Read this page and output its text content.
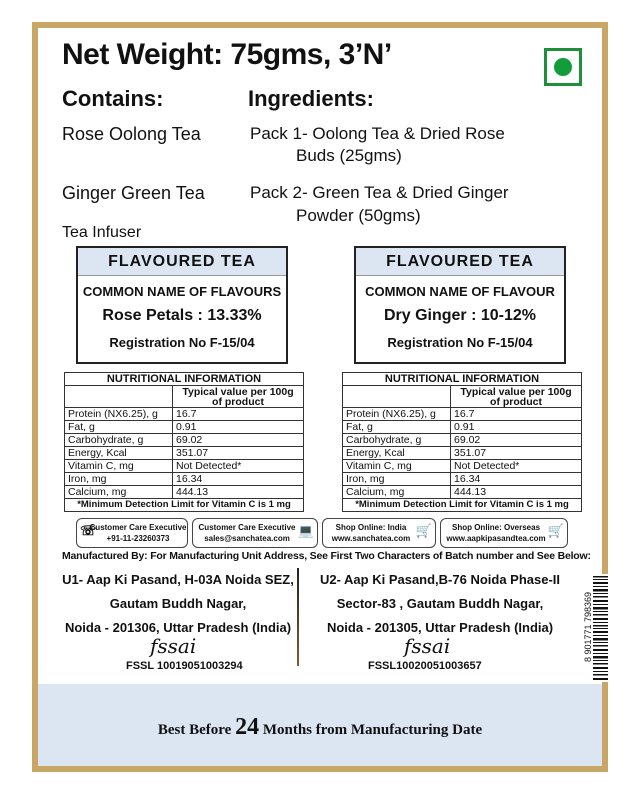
Net Weight: 75gms, 3’N’
Contains:	Ingredients:
Rose Oolong Tea	Pack 1- Oolong Tea & Dried Rose
Buds (25gms)
Ginger Green Tea	Pack 2- Green Tea & Dried Ginger
Powder (50gms)
Tea Infuser
FLAVOURED TEA
COMMON NAME OF FLAVOURS
Rose Petals : 13.33%
Registration No F-15/04
FLAVOURED TEA
COMMON NAME OF FLAVOUR
Dry Ginger : 10-12%
Registration No F-15/04
NUTRITIONAL INFORMATION	
	Typical value per 100g of product
Protein (NX6.25), g	16.7
Fat, g	0.91
Carbohydrate, g	69.02
Energy, Kcal	351.07
Vitamin C, mg	Not Detected*
Iron, mg	16.34
Calcium, mg	444.13
*Minimum Detection Limit for Vitamin C is 1 mg	
NUTRITIONAL INFORMATION	
	Typical value per 100g of product
Protein (NX6.25), g	16.7
Fat, g	0.91
Carbohydrate, g	69.02
Energy, Kcal	351.07
Vitamin C, mg	Not Detected*
Iron, mg	16.34
Calcium, mg	444.13
*Minimum Detection Limit for Vitamin C is 1 mg	
☏
Customer Care Executive
+91-11-23260373
💻
Customer Care Executive
sales@sanchatea.com
🛒
Shop Online: India
www.sanchatea.com
🛒
Shop Online: Overseas
www.aapkipasandtea.com
Manufactured By: For Manufacturing Unit Address, See First Two Characters of Batch number and See Below:
U1- Aap Ki Pasand, H-03A Noida SEZ,
Gautam Buddh Nagar,
Noida - 201306, Uttar Pradesh (India)
U2- Aap Ki Pasand,B-76 Noida Phase-II
Sector-83 , Gautam Buddh Nagar,
Noida - 201305, Uttar Pradesh (India)
fssai
FSSL 10019051003294
fssai
FSSL10020051003657
8 901771 798369
Best Before 24 Months from Manufacturing Date
